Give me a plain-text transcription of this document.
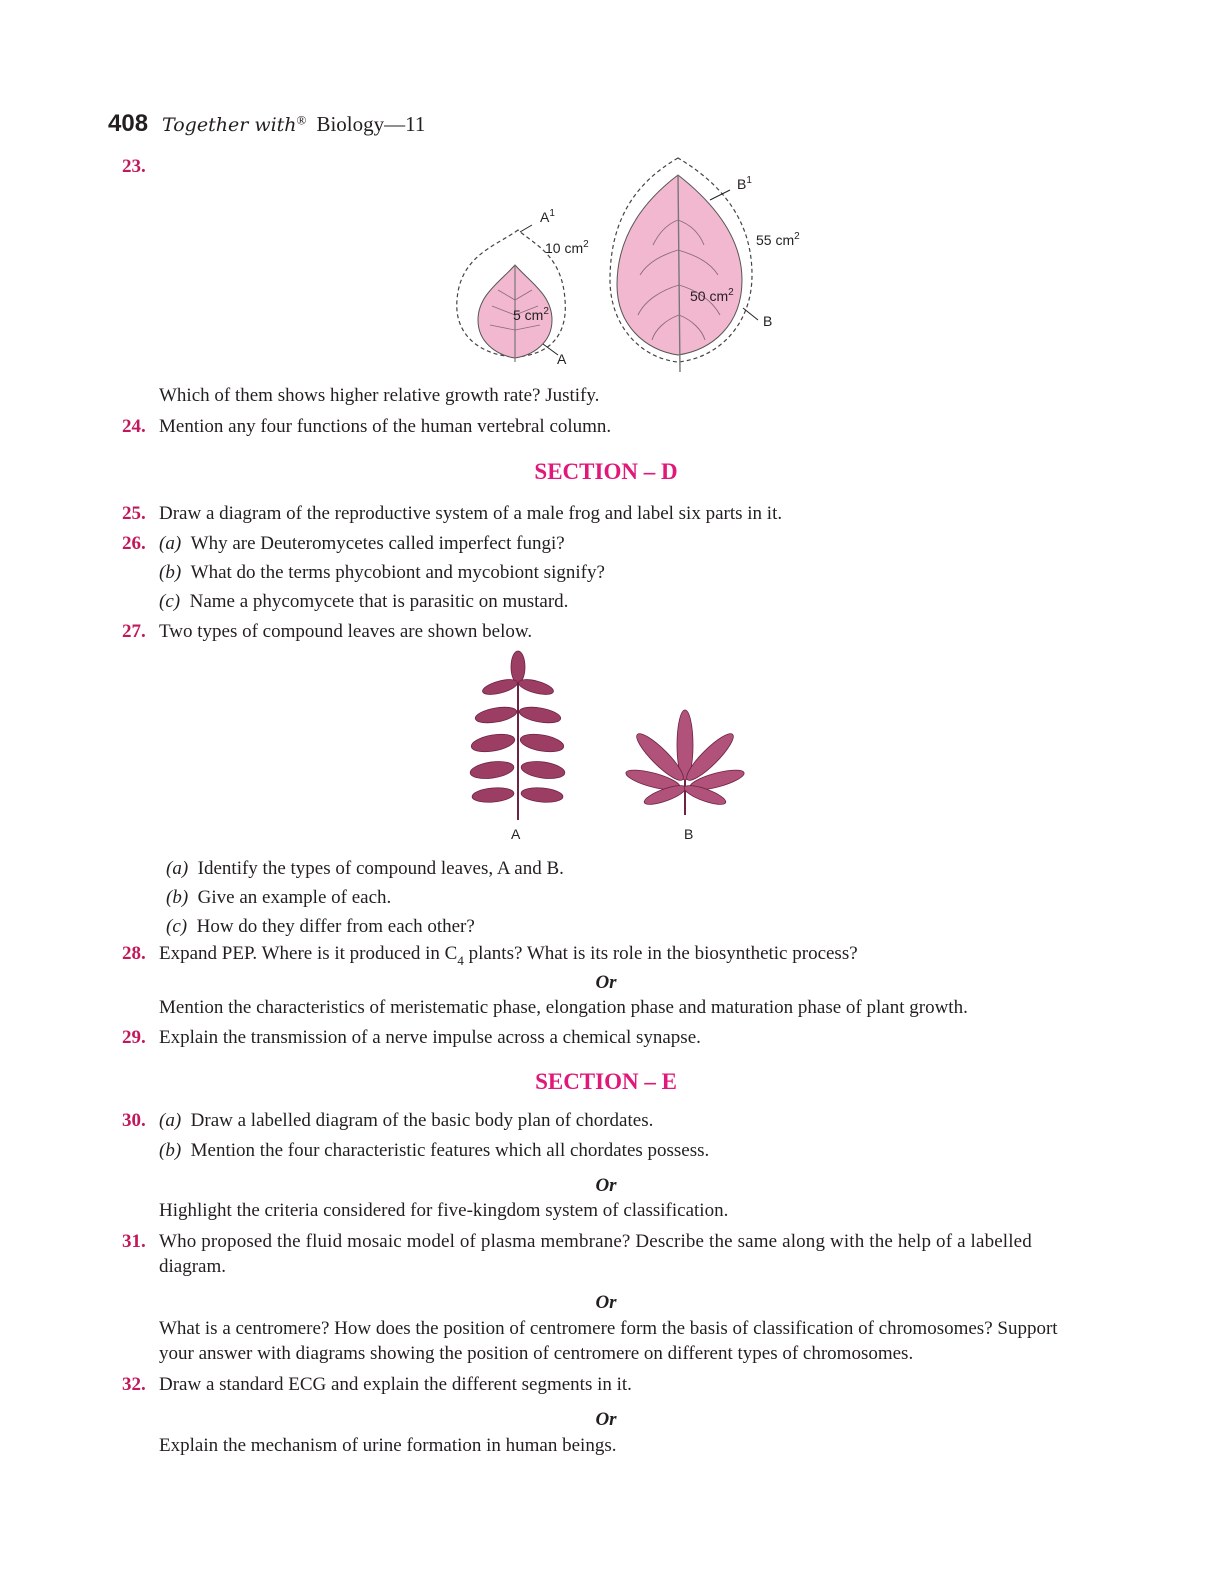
408 Together with® Biology—11
23.
$A^1$
10 $cm^2$
5 $cm^2$
A
$B^1$
55 $cm^2$
50 $cm^2$
B
Which of them shows higher relative growth rate? Justify.
24. Mention any four functions of the human vertebral column.
SECTION – D
25. Draw a diagram of the reproductive system of a male frog and label six parts in it.
26. (a) Why are Deuteromycetes called imperfect fungi?
(b) What do the terms phycobiont and mycobiont signify?
(c) Name a phycomycete that is parasitic on mustard.
27. Two types of compound leaves are shown below.
A	B
(a) Identify the types of compound leaves, A and B.
(b) Give an example of each.
(c) How do they differ from each other?
28. Expand PEP. Where is it produced in $C_4$ plants? What is its role in the biosynthetic process?
Or
Mention the characteristics of meristematic phase, elongation phase and maturation phase of plant growth.
29. Explain the transmission of a nerve impulse across a chemical synapse.
SECTION – E
30. (a) Draw a labelled diagram of the basic body plan of chordates.
(b) Mention the four characteristic features which all chordates possess.
Or
Highlight the criteria considered for five-kingdom system of classification.
31. Who proposed the fluid mosaic model of plasma membrane? Describe the same along with the help of a labelled
diagram.
Or
What is a centromere? How does the position of centromere form the basis of classification of chromosomes? Support
your answer with diagrams showing the position of centromere on different types of chromosomes.
32. Draw a standard ECG and explain the different segments in it.
Or
Explain the mechanism of urine formation in human beings.
